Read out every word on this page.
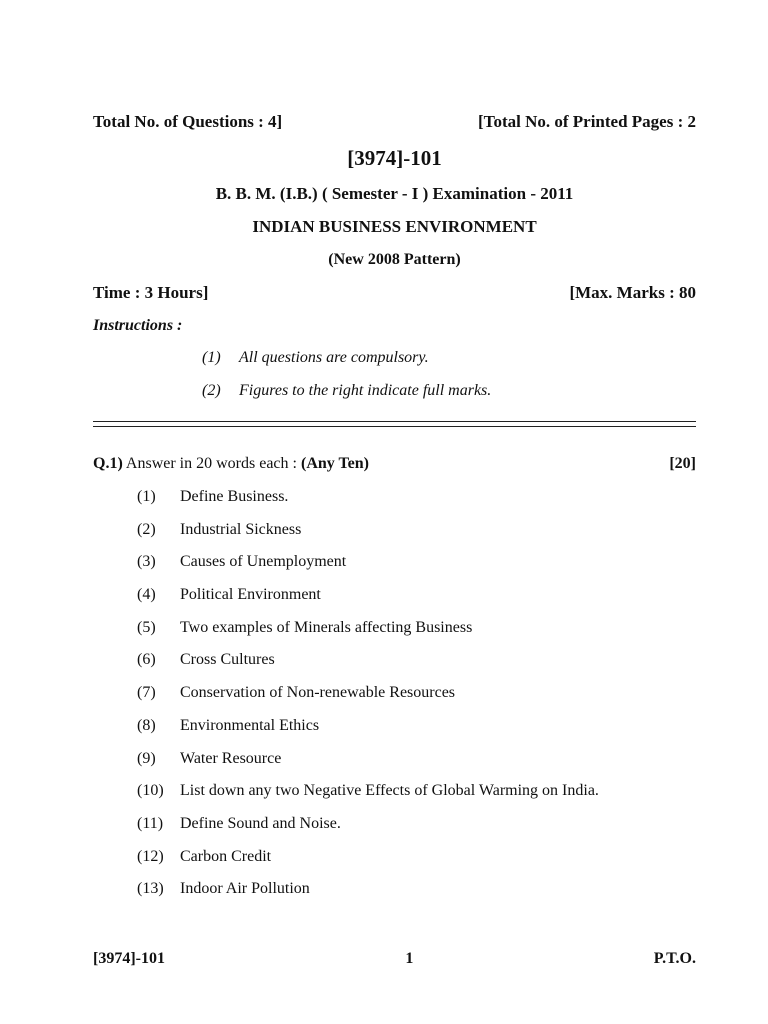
Total No. of Questions : 4]	[Total No. of Printed Pages : 2
[3974]-101
B. B. M. (I.B.) ( Semester - I ) Examination - 2011
INDIAN BUSINESS ENVIRONMENT
(New 2008 Pattern)
Time : 3 Hours]	[Max. Marks : 80
Instructions :
(1) All questions are compulsory.
(2) Figures to the right indicate full marks.
Q.1) Answer in 20 words each : (Any Ten)	[20]
(1)	Define Business.
(2)	Industrial Sickness
(3)	Causes of Unemployment
(4)	Political Environment
(5)	Two examples of Minerals affecting Business
(6)	Cross Cultures
(7)	Conservation of Non-renewable Resources
(8)	Environmental Ethics
(9)	Water Resource
(10)	List down any two Negative Effects of Global Warming on India.
(11)	Define Sound and Noise.
(12)	Carbon Credit
(13)	Indoor Air Pollution
[3974]-101	1	P.T.O.
